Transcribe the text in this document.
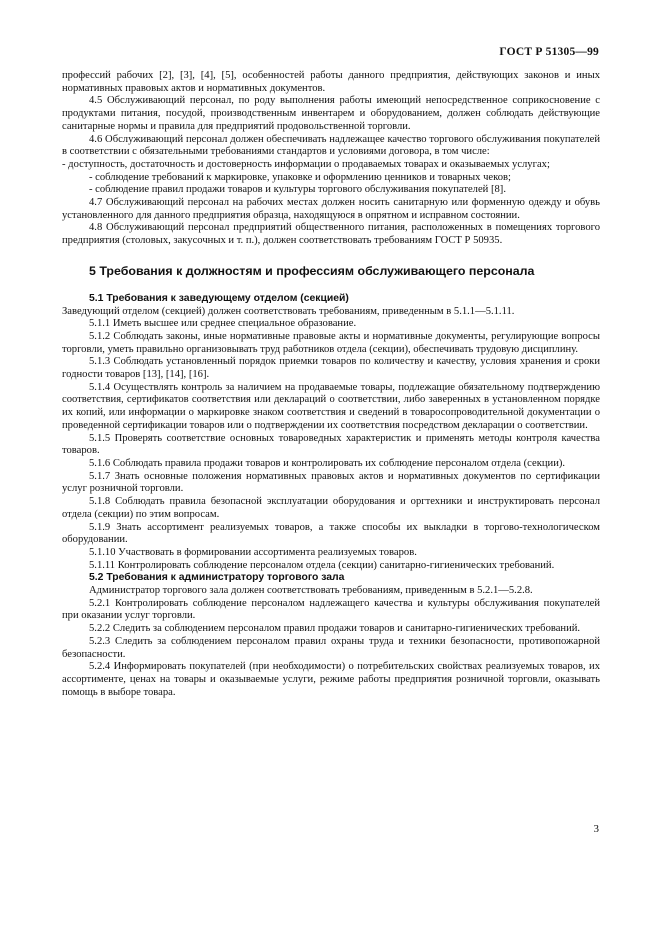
ГОСТ Р 51305—99

профессий рабочих [2], [3], [4], [5], особенностей работы данного предприятия, действующих законов и иных нормативных правовых актов и нормативных документов.

4.5 Обслуживающий персонал, по роду выполнения работы имеющий непосредственное соприкосновение с продуктами питания, посудой, производственным инвентарем и оборудованием, должен соблюдать действующие санитарные нормы и правила для предприятий продовольственной торговли.

4.6 Обслуживающий персонал должен обеспечивать надлежащее качество торгового обслуживания покупателей в соответствии с обязательными требованиями стандартов и условиями договора, в том числе:

- доступность, достаточность и достоверность информации о продаваемых товарах и оказываемых услугах;

- соблюдение требований к маркировке, упаковке и оформлению ценников и товарных чеков;

- соблюдение правил продажи товаров и культуры торгового обслуживания покупателей [8].

4.7 Обслуживающий персонал на рабочих местах должен носить санитарную или форменную одежду и обувь установленного для данного предприятия образца, находящуюся в опрятном и исправном состоянии.

4.8 Обслуживающий персонал предприятий общественного питания, расположенных в помещениях торгового предприятия (столовых, закусочных и т. п.), должен соответствовать требованиям ГОСТ Р 50935.

5 Требования к должностям и профессиям обслуживающего персонала

5.1 Требования к заведующему отделом (секцией)

Заведующий отделом (секцией) должен соответствовать требованиям, приведенным в 5.1.1—5.1.11.

5.1.1 Иметь высшее или среднее специальное образование.

5.1.2 Соблюдать законы, иные нормативные правовые акты и нормативные документы, регулирующие вопросы торговли, уметь правильно организовывать труд работников отдела (секции), обеспечивать трудовую дисциплину.

5.1.3 Соблюдать установленный порядок приемки товаров по количеству и качеству, условия хранения и сроки годности товаров [13], [14], [16].

5.1.4 Осуществлять контроль за наличием на продаваемые товары, подлежащие обязательному подтверждению соответствия, сертификатов соответствия или деклараций о соответствии, либо заверенных в установленном порядке их копий, или информации о маркировке знаком соответствия и сведений в товаросопроводительной документации о проведенной сертификации товаров или о подтверждении их соответствия посредством декларации о соответствии.

5.1.5 Проверять соответствие основных товароведных характеристик и применять методы контроля качества товаров.

5.1.6 Соблюдать правила продажи товаров и контролировать их соблюдение персоналом отдела (секции).

5.1.7 Знать основные положения нормативных правовых актов и нормативных документов по сертификации услуг розничной торговли.

5.1.8 Соблюдать правила безопасной эксплуатации оборудования и оргтехники и инструктировать персонал отдела (секции) по этим вопросам.

5.1.9 Знать ассортимент реализуемых товаров, а также способы их выкладки в торгово-технологическом оборудовании.

5.1.10 Участвовать в формировании ассортимента реализуемых товаров.

5.1.11 Контролировать соблюдение персоналом отдела (секции) санитарно-гигиенических требований.

5.2 Требования к администратору торгового зала

Администратор торгового зала должен соответствовать требованиям, приведенным в 5.2.1—5.2.8.

5.2.1 Контролировать соблюдение персоналом надлежащего качества и культуры обслуживания покупателей при оказании услуг торговли.

5.2.2 Следить за соблюдением персоналом правил продажи товаров и санитарно-гигиенических требований.

5.2.3 Следить за соблюдением персоналом правил охраны труда и техники безопасности, противопожарной безопасности.

5.2.4 Информировать покупателей (при необходимости) о потребительских свойствах реализуемых товаров, их ассортименте, ценах на товары и оказываемые услуги, режиме работы предприятия розничной торговли, оказывать помощь в выборе товара.

3
